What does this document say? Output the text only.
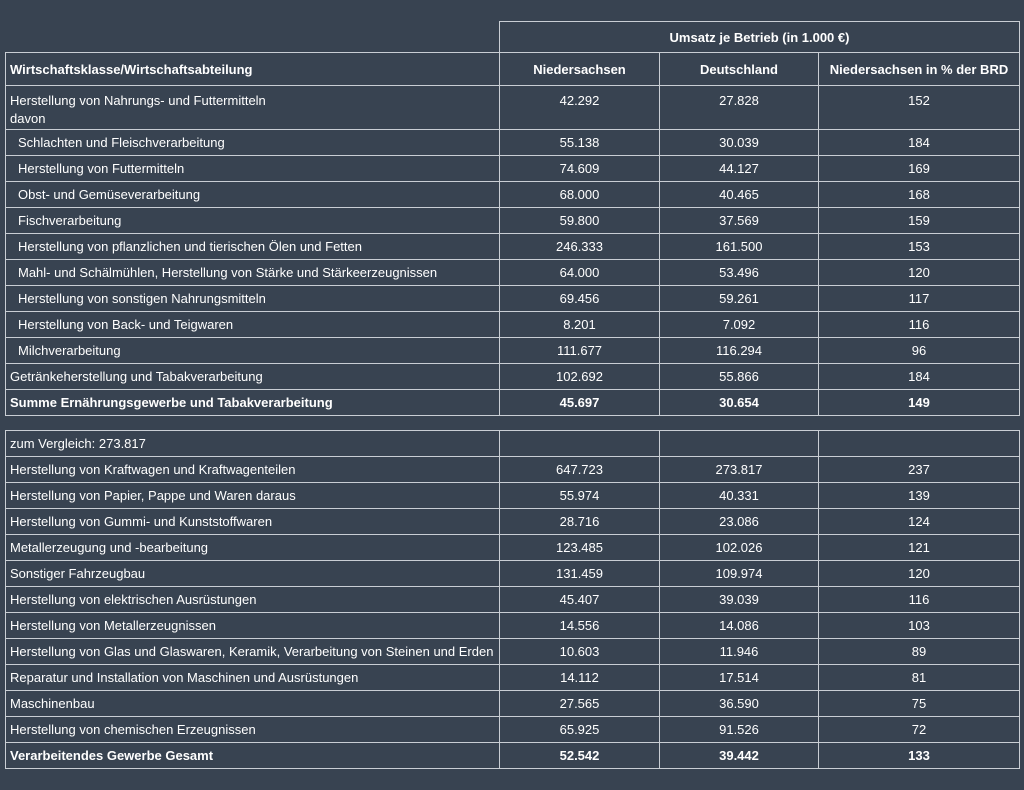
	Umsatz je Betrieb (in 1.000 €)		
Wirtschaftsklasse/Wirtschaftsabteilung	Niedersachsen	Deutschland	Niedersachsen in % der BRD

Herstellung von Nahrungs- und Futtermitteln
davon	42.292	27.828	152
Schlachten und Fleischverarbeitung	55.138	30.039	184
Herstellung von Futtermitteln	74.609	44.127	169
Obst- und Gemüseverarbeitung	68.000	40.465	168
Fischverarbeitung	59.800	37.569	159
Herstellung von pflanzlichen und tierischen Ölen und Fetten	246.333	161.500	153
Mahl- und Schälmühlen, Herstellung von Stärke und Stärkeerzeugnissen	64.000	53.496	120
Herstellung von sonstigen Nahrungsmitteln	69.456	59.261	117
Herstellung von Back- und Teigwaren	8.201	7.092	116
Milchverarbeitung	111.677	116.294	96
Getränkeherstellung und Tabakverarbeitung	102.692	55.866	184
Summe Ernährungsgewerbe und Tabakverarbeitung	45.697	30.654	149
zum Vergleich: 273.817			
Herstellung von Kraftwagen und Kraftwagenteilen	647.723	273.817	237
Herstellung von Papier, Pappe und Waren daraus	55.974	40.331	139
Herstellung von Gummi- und Kunststoffwaren	28.716	23.086	124
Metallerzeugung und -bearbeitung	123.485	102.026	121
Sonstiger Fahrzeugbau	131.459	109.974	120
Herstellung von elektrischen Ausrüstungen	45.407	39.039	116
Herstellung von Metallerzeugnissen	14.556	14.086	103
Herstellung von Glas und Glaswaren, Keramik, Verarbeitung von Steinen und Erden	10.603	11.946	89
Reparatur und Installation von Maschinen und Ausrüstungen	14.112	17.514	81
Maschinenbau	27.565	36.590	75
Herstellung von chemischen Erzeugnissen	65.925	91.526	72
Verarbeitendes Gewerbe Gesamt	52.542	39.442	133
